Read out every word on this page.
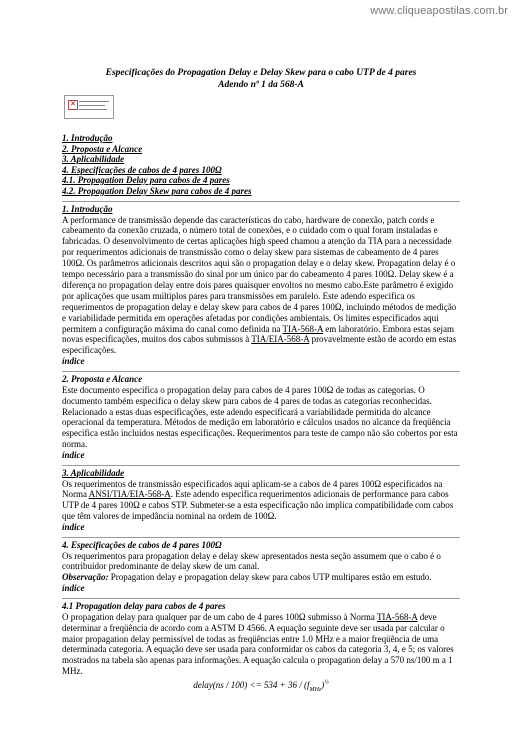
www.cliqueapostilas.com.br
Especificações do Propagation Delay e Delay Skew para o cabo UTP de 4 pares
Adendo nº 1 da 568-A
✕
1. Introdução
2. Proposta e Alcance
3. Aplicabilidade
4. Especificações de cabos de 4 pares 100Ω
4.1. Propagation Delay para cabos de 4 pares
4.2. Propagation Delay Skew para cabos de 4 pares
1. Introdução

A performance de transmissão depende das características do cabo, hardware de conexão, patch cords e cabeamento da conexão cruzada, o número total de conexões, e o cuidado com o qual foram instaladas e fabricadas. O desenvolvimento de certas aplicações high speed chamou a atenção da TIA para a necessidade por requerimentos adicionais de transmissão como o delay skew para sistemas de cabeamento de 4 pares 100Ω. Os parâmetros adicionais descritos aqui são o propagation delay e o delay skew. Propagation delay é o tempo necessário para a transmissão do sinal por um único par do cabeamento 4 pares 100Ω. Delay skew é a diferença no propagation delay entre dois pares quaisquer envoltos no mesmo cabo.Este parâmetro é exigido por aplicações que usam múltiplos pares para transmissões em paralelo. Este adendo especifica os requerimentos de propagation delay e delay skew para cabos de 4 pares 100Ω, incluindo métodos de medição e variabilidade permitida em operações afetadas por condições ambientais. Os limites especificados aqui permitem a configuração máxima do canal como definida na TIA-568-A em laboratório. Embora estas sejam novas especificações, muitos dos cabos submissos à TIA/EIA-568-A provavelmente estão de acordo em estas especificações.

índice
2. Proposta e Alcance

Este documento especifica o propagation delay para cabos de 4 pares 100Ω de todas as categorias. O documento também especifica o delay skew para cabos de 4 pares de todas as categorias reconhecidas. Relacionado a estas duas especificações, este adendo especificará a variabilidade permitida do alcance operacional da temperatura. Métodos de medição em laboratório e cálculos usados no alcance da freqüência especifica estão incluídos nestas especificações. Requerimentos para teste de campo não são cobertos por esta norma.

índice
3. Aplicabilidade

Os requerimentos de transmissão especificados aqui aplicam-se a cabos de 4 pares 100Ω especificados na Norma ANSI/TIA/EIA-568-A. Este adendo especifica requerimentos adicionais de performance para cabos UTP de 4 pares 100Ω e cabos STP. Submeter-se a esta especificação não implica compatibilidade com cabos que têm valores de impedância nominal na ordem de 100Ω.

índice
4. Especificações de cabos de 4 pares 100Ω

Os requerimentos para propagation delay e delay skew apresentados nesta seção assumem que o cabo é o contribuidor predominante de delay skew de um canal.

Observação: Propagation delay e propagation delay skew para cabos UTP multipares estão em estudo.

índice
4.1 Propagation delay para cabos de 4 pares

O propagation delay para qualquer par de um cabo de 4 pares 100Ω submisso à Norma TIA-568-A deve determinar a freqüência de acordo com a ASTM D 4566. A equação seguinte deve ser usada par calcular o maior propagation delay permissível de todas as freqüências entre 1.0 MHz e a maior freqüência de uma determinada categoria. A equação deve ser usada para conformidar os cabos da categoria 3, 4, e 5; os valores mostrados na tabela são apenas para informações. A equação calcula o propagation delay a 570 ns/100 m a 1 MHz.

delay(ns / $100) <= 534 + 36 / (f_{MHz})^{\frac{1}{2}}$
